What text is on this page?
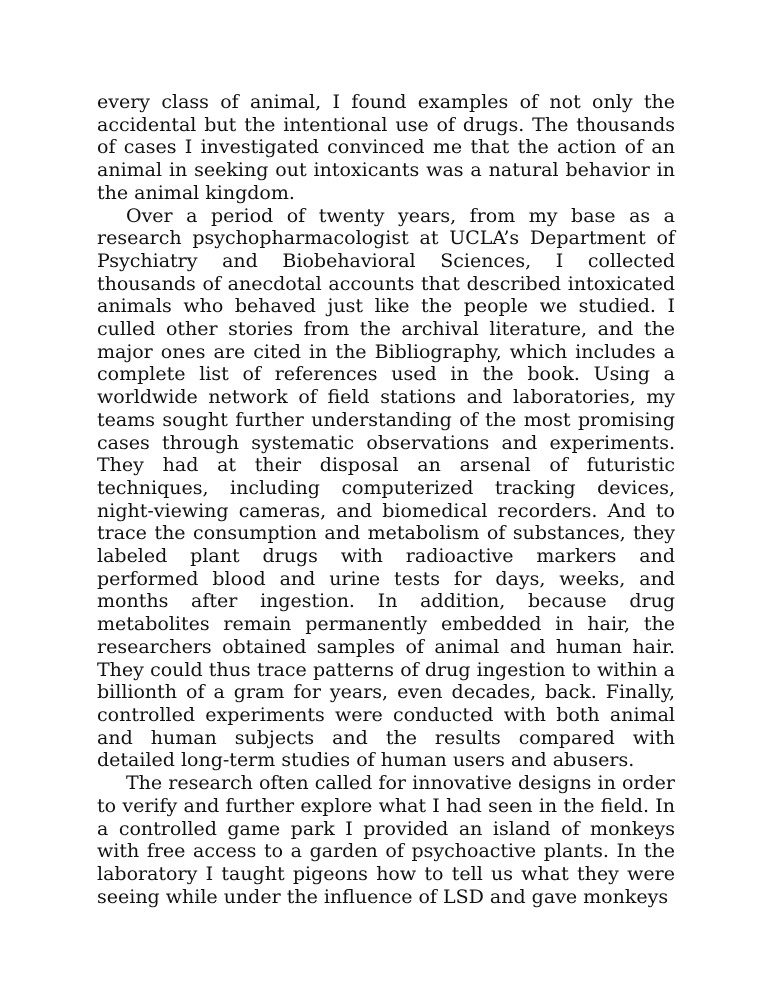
every class of animal, I found examples of not only the accidental but the intentional use of drugs. The thousands of cases I investigated convinced me that the action of an animal in seeking out intoxicants was a natural behavior in the animal kingdom.

Over a period of twenty years, from my base as a research psychopharmacologist at UCLA’s Department of Psychiatry and Biobehavioral Sciences, I collected thousands of anecdotal accounts that described intoxicated animals who behaved just like the people we studied. I culled other stories from the archival literature, and the major ones are cited in the Bibliography, which includes a complete list of references used in the book. Using a worldwide network of field stations and laboratories, my teams sought further understanding of the most promising cases through systematic observations and experiments. They had at their disposal an arsenal of futuristic techniques, including computerized tracking devices, night-viewing cameras, and biomedical recorders. And to trace the consumption and metabolism of substances, they labeled plant drugs with radioactive markers and performed blood and urine tests for days, weeks, and months after ingestion. In addition, because drug metabolites remain permanently embedded in hair, the researchers obtained samples of animal and human hair. They could thus trace patterns of drug ingestion to within a billionth of a gram for years, even decades, back. Finally, controlled experiments were conducted with both animal and human subjects and the results compared with detailed long-term studies of human users and abusers.

The research often called for innovative designs in order to verify and further explore what I had seen in the field. In a controlled game park I provided an island of monkeys with free access to a garden of psychoactive plants. In the laboratory I taught pigeons how to tell us what they were seeing while under the influence of LSD and gave monkeys
